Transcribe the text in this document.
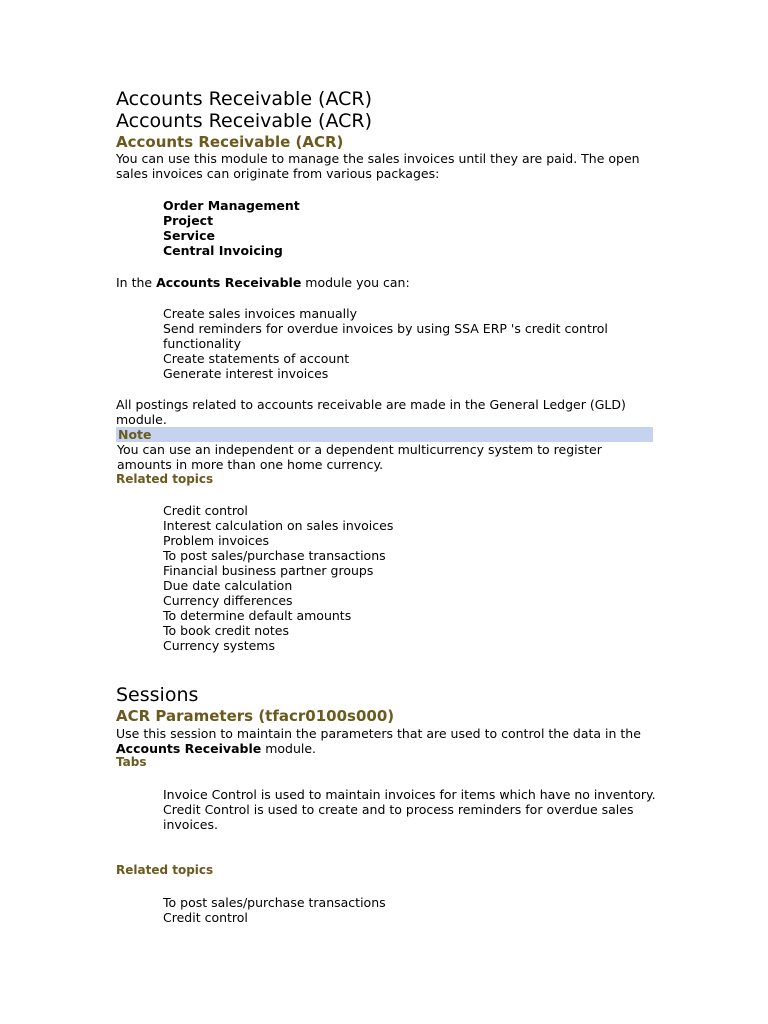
Accounts Receivable (ACR)
Accounts Receivable (ACR)
Accounts Receivable (ACR)

You can use this module to manage the sales invoices until they are paid. The open sales invoices can originate from various packages:

Order Management
Project
Service
Central Invoicing

In the Accounts Receivable module you can:

Create sales invoices manually
Send reminders for overdue invoices by using SSA ERP 's credit control functionality
Create statements of account
Generate interest invoices

All postings related to accounts receivable are made in the General Ledger (GLD) module.

Note

You can use an independent or a dependent multicurrency system to register amounts in more than one home currency.

Related topics
Credit control
Interest calculation on sales invoices
Problem invoices
To post sales/purchase transactions
Financial business partner groups
Due date calculation
Currency differences
To determine default amounts
To book credit notes
Currency systems
Sessions
ACR Parameters (tfacr0100s000)

Use this session to maintain the parameters that are used to control the data in the Accounts Receivable module.

Tabs
Invoice Control is used to maintain invoices for items which have no inventory.
Credit Control is used to create and to process reminders for overdue sales invoices.
Related topics
To post sales/purchase transactions
Credit control
